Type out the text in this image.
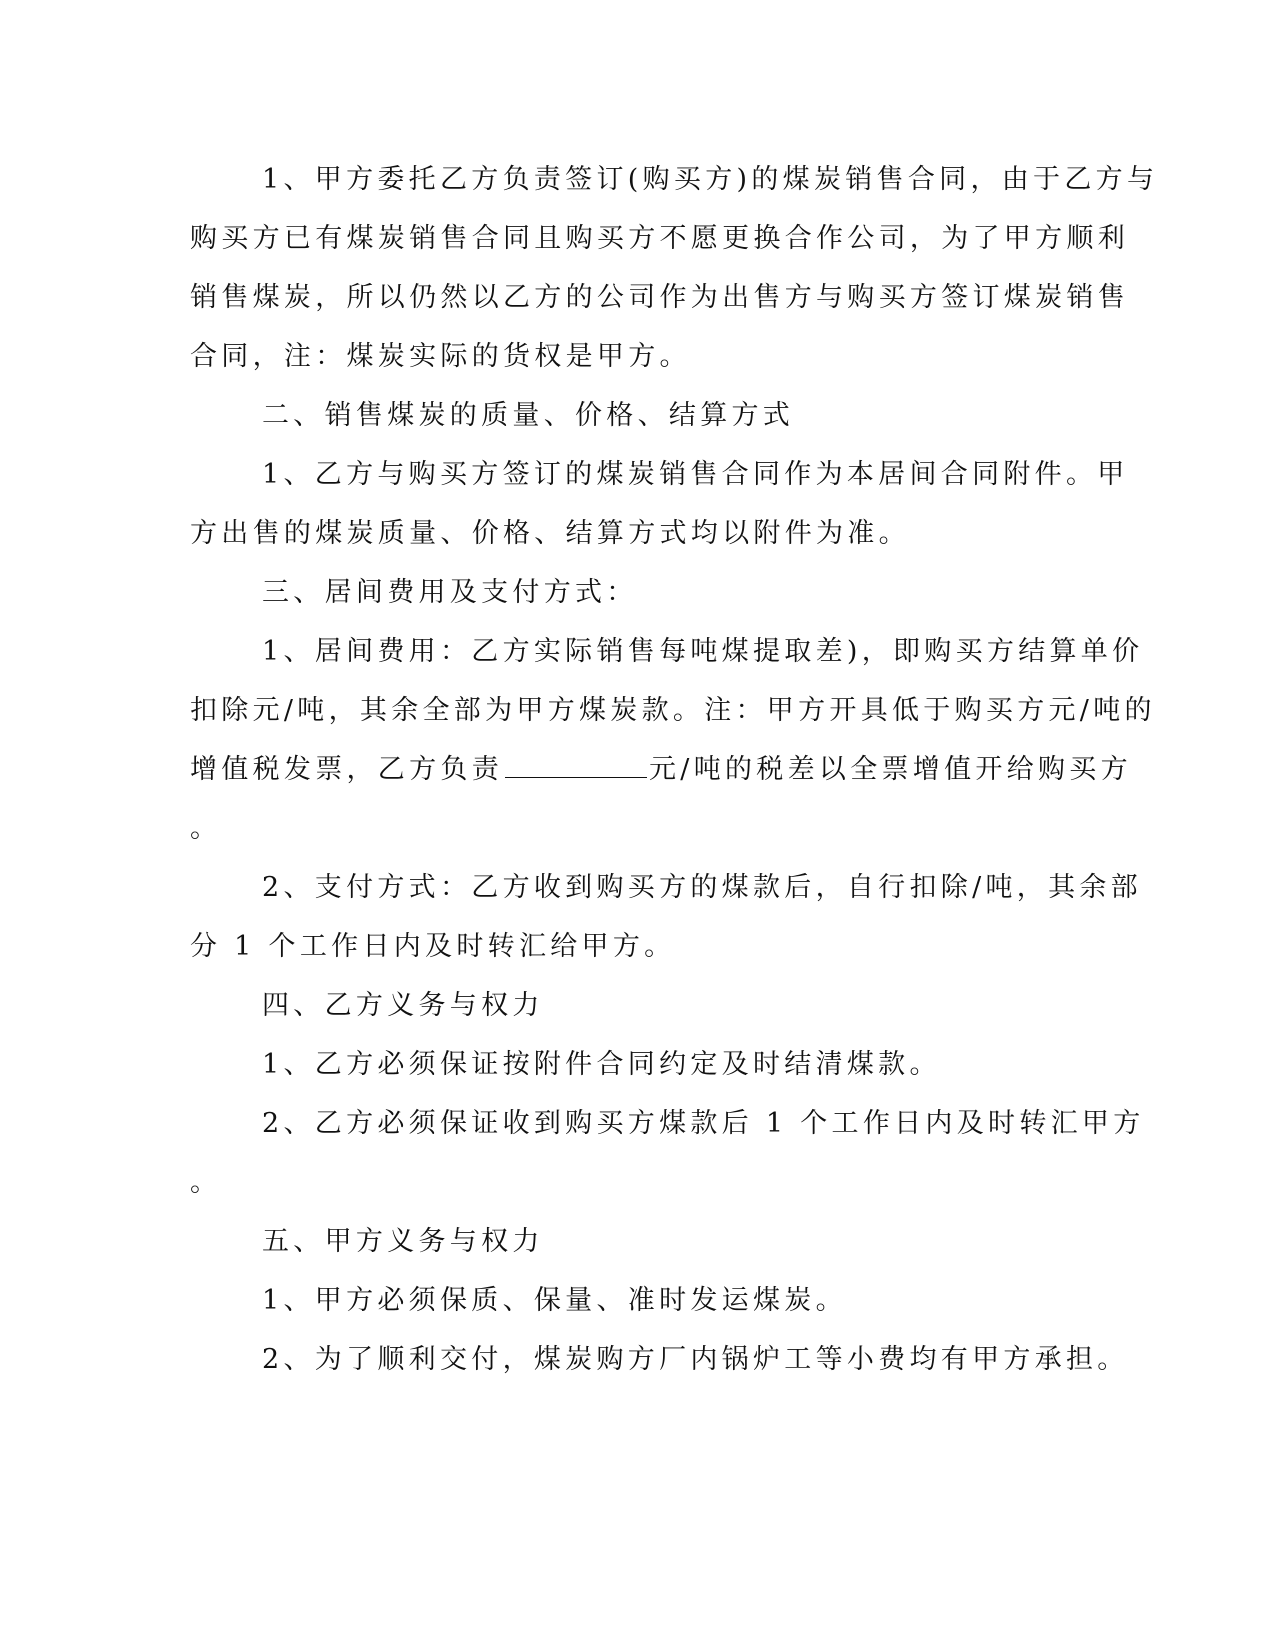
1、甲方委托乙方负责签订(购买方)的煤炭销售合同，由于乙方与
购买方已有煤炭销售合同且购买方不愿更换合作公司，为了甲方顺利
销售煤炭，所以仍然以乙方的公司作为出售方与购买方签订煤炭销售
合同，注：煤炭实际的货权是甲方。
二、销售煤炭的质量、价格、结算方式
1、乙方与购买方签订的煤炭销售合同作为本居间合同附件。甲
方出售的煤炭质量、价格、结算方式均以附件为准。
三、居间费用及支付方式：
1、居间费用：乙方实际销售每吨煤提取差)，即购买方结算单价
扣除元/吨，其余全部为甲方煤炭款。注：甲方开具低于购买方元/吨的
增值税发票，乙方负责	元/吨的税差以全票增值开给购买方
。
2、支付方式：乙方收到购买方的煤款后，自行扣除/吨，其余部
分 1 个工作日内及时转汇给甲方。
四、乙方义务与权力
1、乙方必须保证按附件合同约定及时结清煤款。
2、乙方必须保证收到购买方煤款后 1 个工作日内及时转汇甲方
。
五、甲方义务与权力
1、甲方必须保质、保量、准时发运煤炭。
2、为了顺利交付，煤炭购方厂内锅炉工等小费均有甲方承担。
